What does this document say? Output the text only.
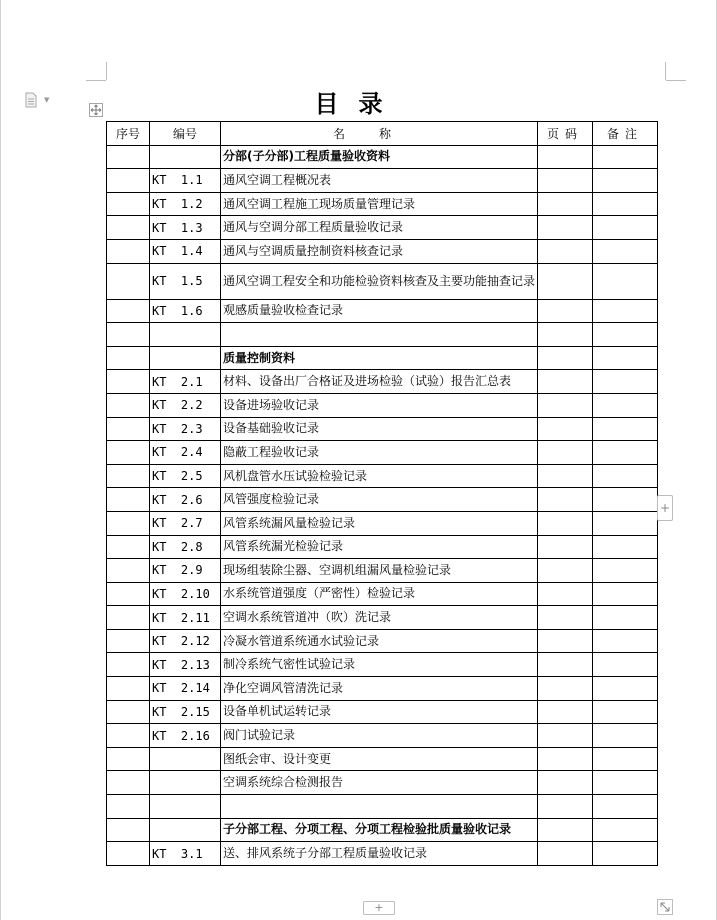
▼	目录
序号	编号	名称	页码	备注
		分部(子分部)工程质量验收资料		
	KT  1.1	通风空调工程概况表		
	KT  1.2	通风空调工程施工现场质量管理记录		
	KT  1.3	通风与空调分部工程质量验收记录		
	KT  1.4	通风与空调质量控制资料核查记录		
	KT  1.5	通风空调工程安全和功能检验资料核查及主要功能抽查记录		
	KT  1.6	观感质量验收检查记录		

		质量控制资料		
	KT  2.1	材料、设备出厂合格证及进场检验（试验）报告汇总表		
	KT  2.2	设备进场验收记录		
	KT  2.3	设备基础验收记录		
	KT  2.4	隐蔽工程验收记录		
	KT  2.5	风机盘管水压试验检验记录		
	KT  2.6	风管强度检验记录		
	KT  2.7	风管系统漏风量检验记录		
	KT  2.8	风管系统漏光检验记录		
	KT  2.9	现场组装除尘器、空调机组漏风量检验记录		
	KT  2.10	水系统管道强度（严密性）检验记录		
	KT  2.11	空调水系统管道冲（吹）洗记录		
	KT  2.12	冷凝水管道系统通水试验记录		
	KT  2.13	制冷系统气密性试验记录		
	KT  2.14	净化空调风管清洗记录		
	KT  2.15	设备单机试运转记录		
	KT  2.16	阀门试验记录		
		图纸会审、设计变更		
		空调系统综合检测报告		

		子分部工程、分项工程、分项工程检验批质量验收记录		
	KT  3.1	送、排风系统子分部工程质量验收记录		
+
+
